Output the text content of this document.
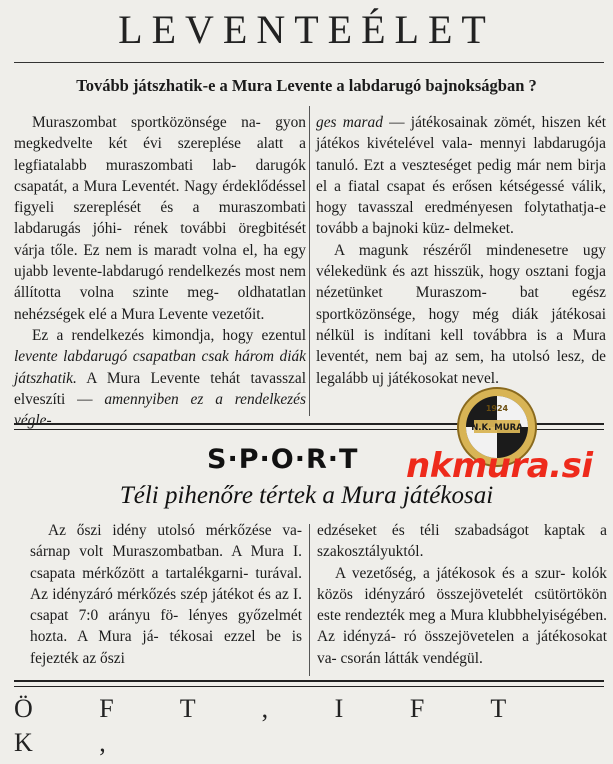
LEVENTEÉLET
Tovább játszhatik-e a Mura Levente a labdarugó bajnokságban ?

Muraszombat sportközönsége na- gyon megkedvelte két évi szereplése alatt a legfiatalabb muraszombati lab- darugók csapatát, a Mura Leventét. Nagy érdeklődéssel figyeli szereplését és a muraszombati labdarugás jóhi- rének további öregbitését várja tőle. Ez nem is maradt volna el, ha egy ujabb levente-labdarugó rendelkezés most nem állította volna szinte meg- oldhatatlan nehézségek elé a Mura Levente vezetőit.

Ez a rendelkezés kimondja, hogy ezentul levente labdarugó csapatban csak három diák játszhatik. A Mura Levente tehát tavasszal elveszíti — amennyiben ez a rendelkezés végle-

ges marad — játékosainak zömét, hiszen két játékos kivételével vala- mennyi labdarugója tanuló. Ezt a veszteséget pedig már nem birja el a fiatal csapat és erősen kétségessé válik, hogy tavasszal eredményesen folytathatja-e tovább a bajnoki küz- delmeket.

A magunk részéről mindenesetre ugy vélekedünk és azt hisszük, hogy osztani fogja nézetünket Muraszom- bat egész sportközönsége, hogy még diák játékosai nélkül is indítani kell továbbra is a Mura leventét, nem baj az sem, ha utolsó lesz, de legalább uj játékosokat nevel.

S·P·O·R·T
1924
N.K. MURA
nkmura.si
Téli pihenőre tértek a Mura játékosai

Az őszi idény utolsó mérkőzése va- sárnap volt Muraszombatban. A Mura I. csapata mérkőzött a tartalékgarni- turával. Az idényzáró mérkőzés szép játékot és az I. csapat 7:0 arányu fö- lényes győzelmét hozta. A Mura já- tékosai ezzel be is fejezték az őszi

edzéseket és téli szabadságot kaptak a szakosztályuktól.

A vezetőség, a játékosok és a szur- kolók közös idényzáró összejövetelét csütörtökön este rendezték meg a Mura klubbhelyiségében. Az idényzá- ró összejövetelen a játékosokat va- csorán látták vendégül.

Ö F T , I F T K ,
